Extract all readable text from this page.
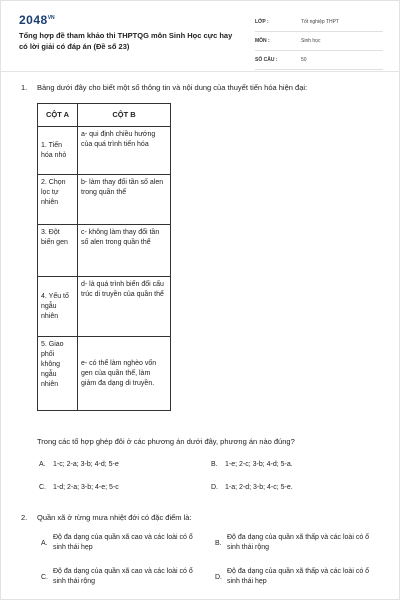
$2048^{VN}$
Tổng hợp đề tham khảo thi THPTQG môn Sinh Học cực hay có lời giải có đáp án (Đề số 23)
LỚP :	Tốt nghiệp THPT
MÔN :	Sinh học
SỐ CÂU :	50
1. Bảng dưới đây cho biết một số thông tin và nội dung của thuyết tiến hóa hiện đại:
CỘT A	CỘT B
1. Tiến hóa nhỏ	a- qui định chiều hướng của quá trình tiến hóa
2. Chọn lọc tự nhiên	b- làm thay đổi tần số alen trong quần thể
3. Đột biến gen	c- không làm thay đổi tần số alen trong quần thể
4. Yếu tố ngẫu nhiên	d- là quá trình biến đổi cấu trúc di truyền của quần thể
5. Giao phối không ngẫu nhiên	e- có thể làm nghèo vốn gen của quần thể, làm giảm đa dạng di truyền.
Trong các tổ hợp ghép đôi ở các phương án dưới đây, phương án nào đúng?
A. 1-c; 2-a; 3-b; 4-d; 5-e	B. 1-e; 2-c; 3-b; 4-d; 5-a.
C. 1-d; 2-a; 3-b; 4-e; 5-c	D. 1-a; 2-d; 3-b; 4-c; 5-e.
2. Quần xã ở rừng mưa nhiệt đới có đặc điểm là:
A.
Độ đa dạng của quần xã cao và các loài có ổ sinh thái hẹp
B.
Độ đa dạng của quần xã thấp và các loài có ổ sinh thái rộng
C.
Độ đa dạng của quần xã cao và các loài có ổ sinh thái rộng
D.
Độ đa dạng của quần xã thấp và các loài có ổ sinh thái hẹp
